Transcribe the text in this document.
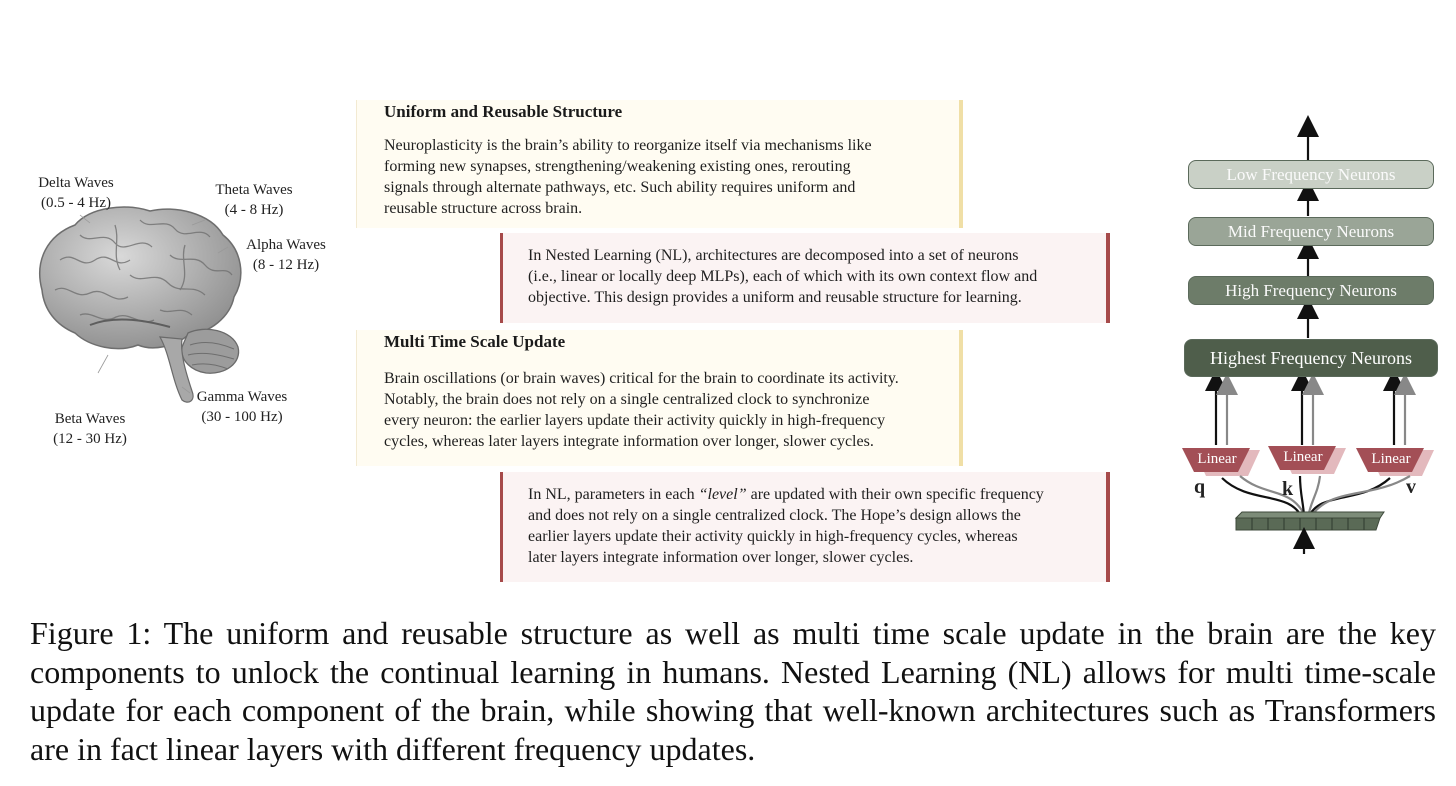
Delta Waves
(0.5 - 4 Hz)
Theta Waves
(4 - 8 Hz)
Alpha Waves
(8 - 12 Hz)
Beta Waves
(12 - 30 Hz)
Gamma Waves
(30 - 100 Hz)
Uniform and Reusable Structure
Neuroplasticity is the brain’s ability to reorganize itself via mechanisms like
forming new synapses, strengthening/weakening existing ones, rerouting
signals through alternate pathways, etc. Such ability requires uniform and
reusable structure across brain.
In Nested Learning (NL), architectures are decomposed into a set of neurons
(i.e., linear or locally deep MLPs), each of which with its own context flow and
objective. This design provides a uniform and reusable structure for learning.
Multi Time Scale Update
Brain oscillations (or brain waves) critical for the brain to coordinate its activity.
Notably, the brain does not rely on a single centralized clock to synchronize
every neuron: the earlier layers update their activity quickly in high-frequency
cycles, whereas later layers integrate information over longer, slower cycles.
In NL, parameters in each “level” are updated with their own specific frequency
and does not rely on a single centralized clock. The Hope’s design allows the
earlier layers update their activity quickly in high-frequency cycles, whereas
later layers integrate information over longer, slower cycles.
Low Frequency Neurons
Mid Frequency Neurons
High Frequency Neurons
Highest Frequency Neurons
Linear	Linear	Linear
q	k	v
Figure 1: The uniform and reusable structure as well as multi time scale update in the brain are the key components to unlock the continual learning in humans. Nested Learning (NL) allows for multi time-scale update for each component of the brain, while showing that well-known architectures such as Transformers are in fact linear layers with different frequency updates.
